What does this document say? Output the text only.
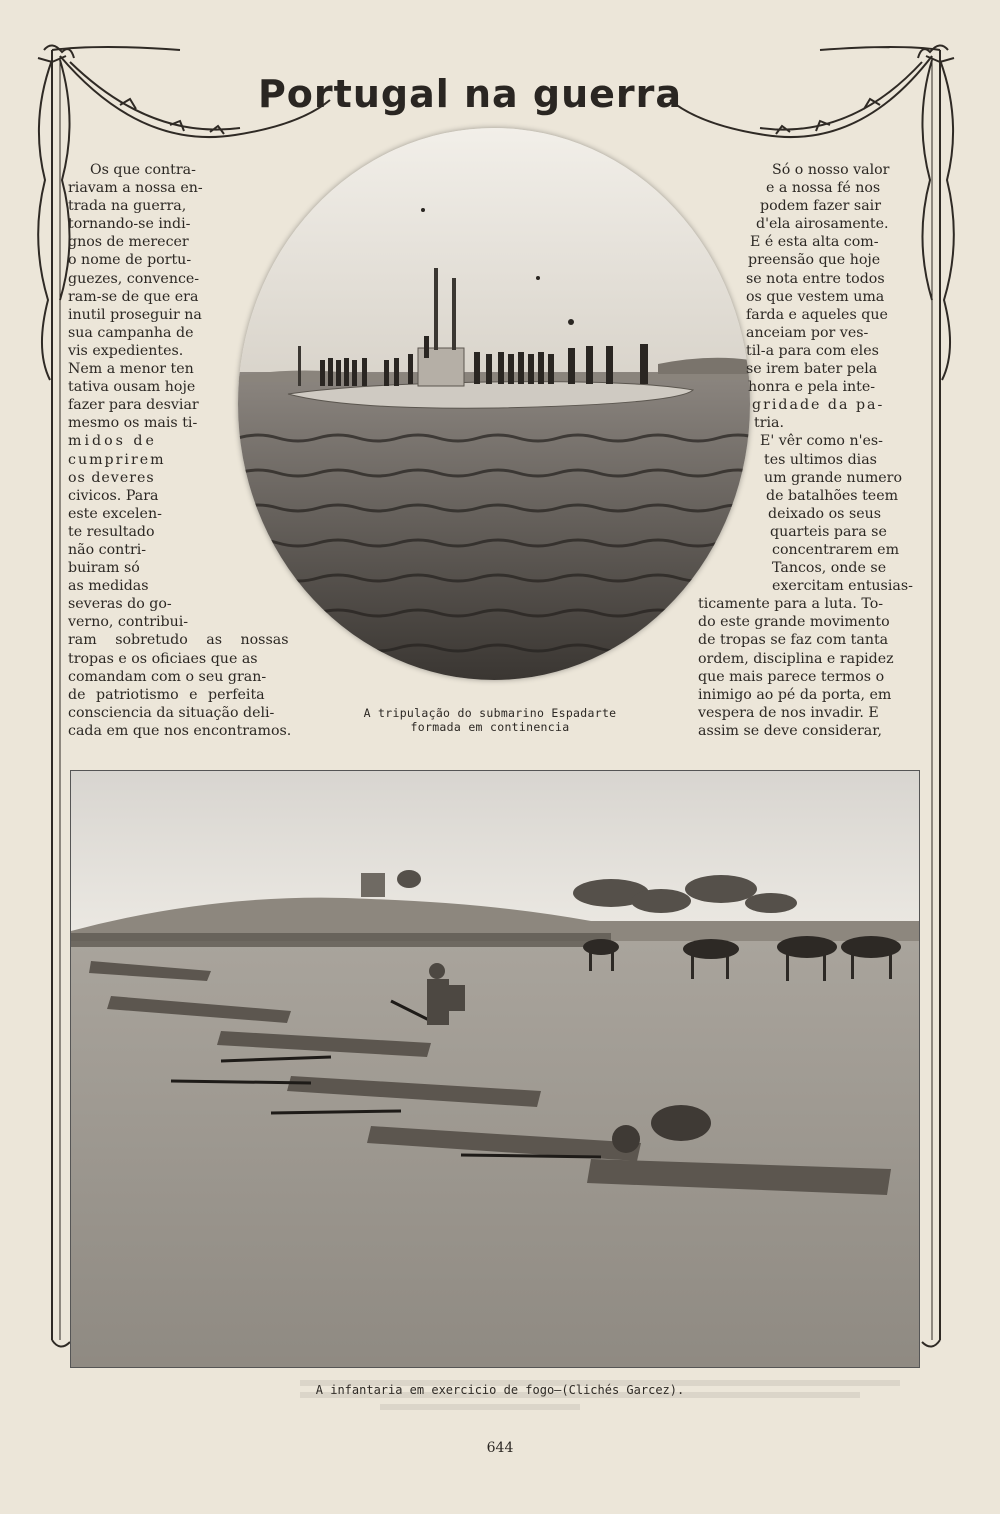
Portugal na guerra
Os que contra-
riavam a nossa en-
trada na guerra,
tornando-se indi-
gnos de merecer
o nome de portu-
guezes, convence-
ram-se de que era
inutil proseguir na
sua campanha de
vis expedientes.
Nem a menor ten
tativa ousam hoje
fazer para desviar
mesmo os mais ti-
midos de
cumprirem
os deveres
civicos. Para
este excelen-
te resultado
não contri-
buiram só
as medidas
severas do go-
verno, contribui-
ram sobretudo as nossas
tropas e os oficiaes que as
comandam com o seu gran-
de patriotismo e perfeita
consciencia da situação deli-
cada em que nos encontramos.
Só o nosso valor
e a nossa fé nos
podem fazer sair
d'ela airosamente.
E é esta alta com-
preensão que hoje
se nota entre todos
os que vestem uma
farda e aqueles que
anceiam por ves-
til-a para com eles
se irem bater pela
honra e pela inte-
gridade da pa-
tria.
E' vêr como n'es-
tes ultimos dias
um grande numero
de batalhões teem
deixado os seus
quarteis para se
concentrarem em
Tancos, onde se
exercitam entusias-
ticamente para a luta. To-
do este grande movimento
de tropas se faz com tanta
ordem, disciplina e rapidez
que mais parece termos o
inimigo ao pé da porta, em
vespera de nos invadir. E
assim se deve considerar,
A tripulação do submarino Espadarte
formada em continencia

A infantaria em exercicio de fogo—(Clichés Garcez).

644
